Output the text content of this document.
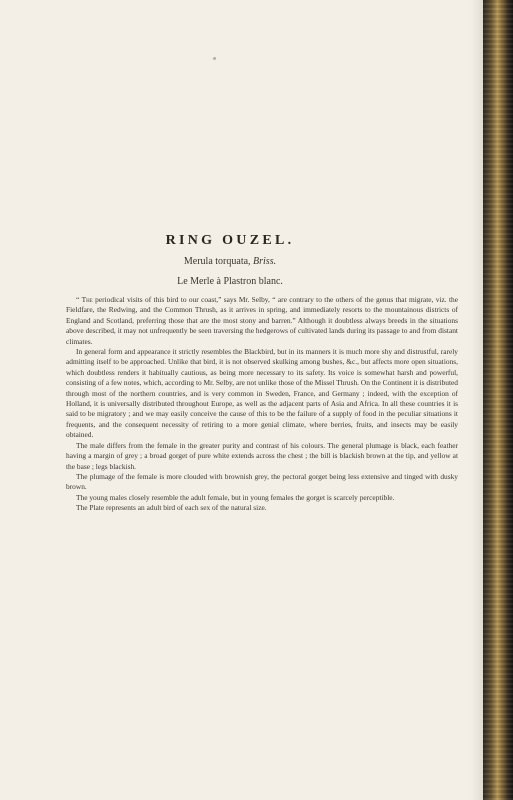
RING OUZEL.

Merula torquata, Briss.

Le Merle à Plastron blanc.

“ The periodical visits of this bird to our coast,” says Mr. Selby, “ are contrary to the others of the genus that migrate, viz. the Fieldfare, the Redwing, and the Common Thrush, as it arrives in spring, and immediately resorts to the mountainous districts of England and Scotland, preferring those that are the most stony and barren.” Although it doubtless always breeds in the situations above described, it may not unfrequently be seen traversing the hedgerows of cultivated lands during its passage to and from distant climates.

In general form and appearance it strictly resembles the Blackbird, but in its manners it is much more shy and distrustful, rarely admitting itself to be approached. Unlike that bird, it is not observed skulking among bushes, &c., but affects more open situations, which doubtless renders it habitually cautious, as being more necessary to its safety. Its voice is somewhat harsh and powerful, consisting of a few notes, which, according to Mr. Selby, are not unlike those of the Missel Thrush. On the Continent it is distributed through most of the northern countries, and is very common in Sweden, France, and Germany ; indeed, with the exception of Holland, it is universally distributed throughout Europe, as well as the adjacent parts of Asia and Africa. In all these countries it is said to be migratory ; and we may easily conceive the cause of this to be the failure of a supply of food in the peculiar situations it frequents, and the consequent necessity of retiring to a more genial climate, where berries, fruits, and insects may be easily obtained.

The male differs from the female in the greater purity and contrast of his colours. The general plumage is black, each feather having a margin of grey ; a broad gorget of pure white extends across the chest ; the bill is blackish brown at the tip, and yellow at the base ; legs blackish.

The plumage of the female is more clouded with brownish grey, the pectoral gorget being less extensive and tinged with dusky brown.

The young males closely resemble the adult female, but in young females the gorget is scarcely perceptible.

The Plate represents an adult bird of each sex of the natural size.
